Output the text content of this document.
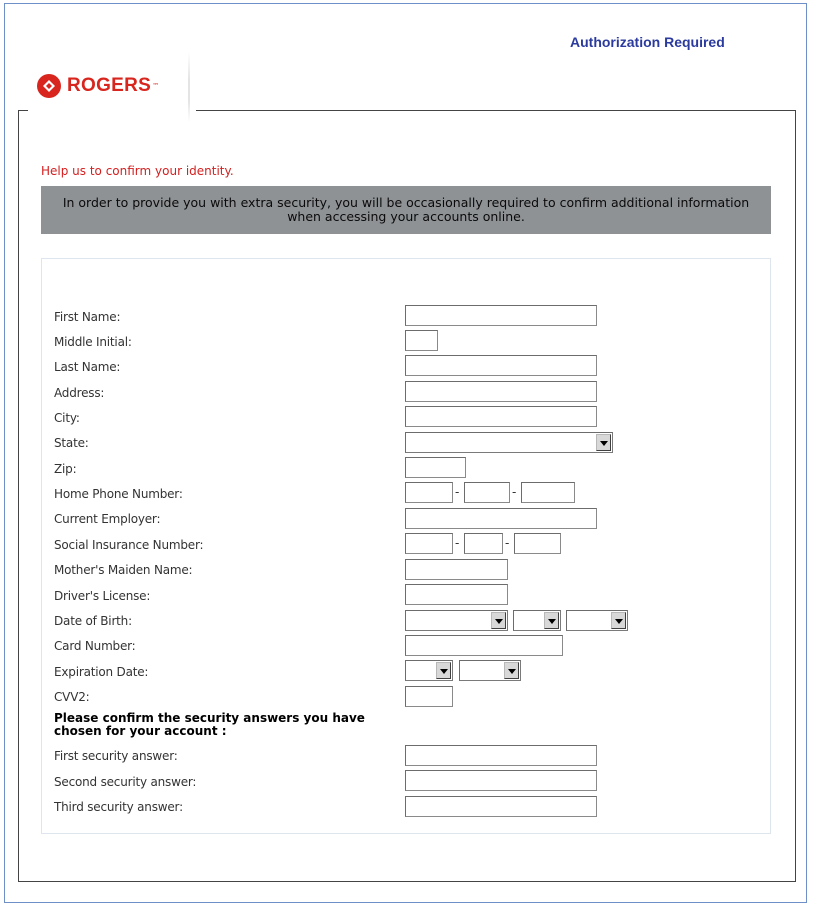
Authorization Required
ROGERS ™
Help us to confirm your identity.
In order to provide you with extra security, you will be occasionally required to confirm additional information when accessing your accounts online.
First Name:
Middle Initial:
Last Name:
Address:
City:
State:
Zip:
Home Phone Number:
Current Employer:
Social Insurance Number:
Mother's Maiden Name:
Driver's License:
Date of Birth:
Card Number:
Expiration Date:
CVV2:
Please confirm the security answers you have chosen for your account :
First security answer:
Second security answer:
Third security answer:
-	-
-	-
